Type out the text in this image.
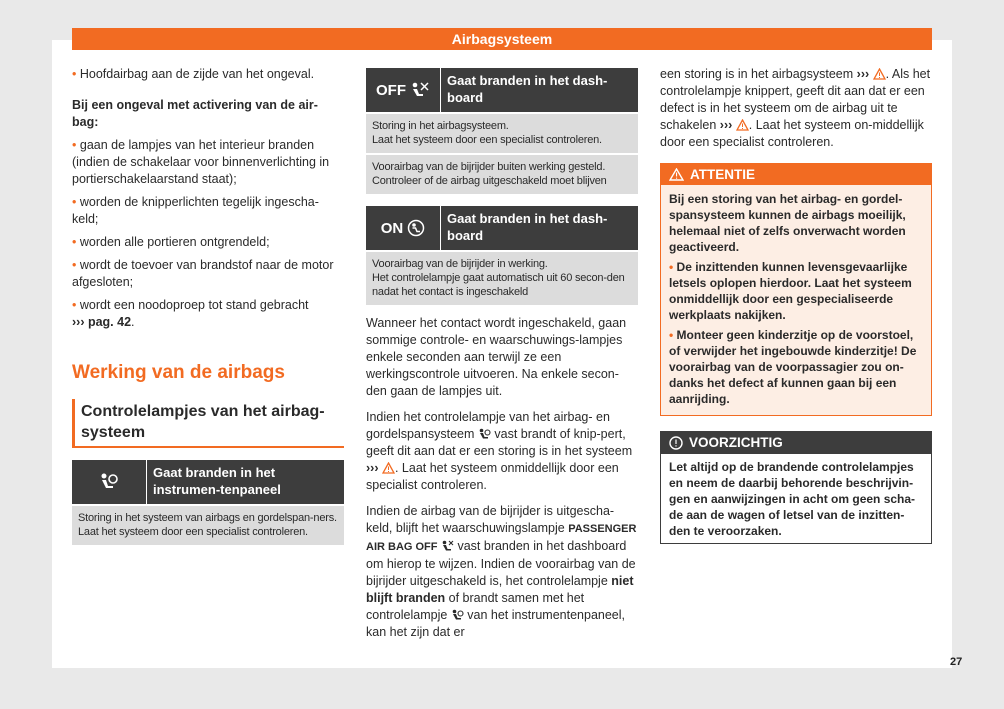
Airbagsysteem

• Hoofdairbag aan de zijde van het ongeval.

Bij een ongeval met activering van de air-bag:

• gaan de lampjes van het interieur branden (indien de schakelaar voor binnenverlichting in portierschakelaarstand staat);

• worden de knipperlichten tegelijk ingescha-keld;

• worden alle portieren ontgrendeld;

• wordt de toevoer van brandstof naar de motor afgesloten;

• wordt een noodoproep tot stand gebracht
››› pag. 42.

Werking van de airbags
Controlelampjes van het airbag-systeem
Gaat branden in het instrumen-tenpaneel
Storing in het systeem van airbags en gordelspan-ners.
Laat het systeem door een specialist controleren.
OFF
Gaat branden in het dash-board
Storing in het airbagsysteem.
Laat het systeem door een specialist controleren.
Voorairbag van de bijrijder buiten werking gesteld. Controleer of de airbag uitgeschakeld moet blijven
ON
Gaat branden in het dash-board
Voorairbag van de bijrijder in werking.
Het controlelampje gaat automatisch uit 60 secon-den nadat het contact is ingeschakeld

Wanneer het contact wordt ingeschakeld, gaan sommige controle- en waarschuwings-lampjes enkele seconden aan terwijl ze een werkingscontrole uitvoeren. Na enkele secon-den gaan de lampjes uit.

Indien het controlelampje van het airbag- en gordelspansysteem vast brandt of knip-pert, geeft dit aan dat er een storing is in het systeem ››› . Laat het systeem onmiddellijk door een specialist controleren.

Indien de airbag van de bijrijder is uitgescha-keld, blijft het waarschuwingslampje PASSENGER AIR BAG OFF vast branden in het dashboard om hierop te wijzen. Indien de voorairbag van de bijrijder uitgeschakeld is, het controlelampje niet blijft branden of brandt samen met het controlelampje van het instrumentenpaneel, kan het zijn dat er

een storing is in het airbagsysteem ››› . Als het controlelampje knippert, geeft dit aan dat er een defect is in het systeem om de airbag uit te schakelen ››› . Laat het systeem on-middellijk door een specialist controleren.

ATTENTIE

Bij een storing van het airbag- en gordel-spansysteem kunnen de airbags moeilijk, helemaal niet of zelfs onverwacht worden geactiveerd.

• De inzittenden kunnen levensgevaarlijke letsels oplopen hierdoor. Laat het systeem onmiddellijk door een gespecialiseerde werkplaats nakijken.

• Monteer geen kinderzitje op de voorstoel, of verwijder het ingebouwde kinderzitje! De voorairbag van de voorpassagier zou on-danks het defect af kunnen gaan bij een aanrijding.

VOORZICHTIG
Let altijd op de brandende controlelampjes en neem de daarbij behorende beschrijvin-gen en aanwijzingen in acht om geen scha-de aan de wagen of letsel van de inzitten-den te veroorzaken.
27
